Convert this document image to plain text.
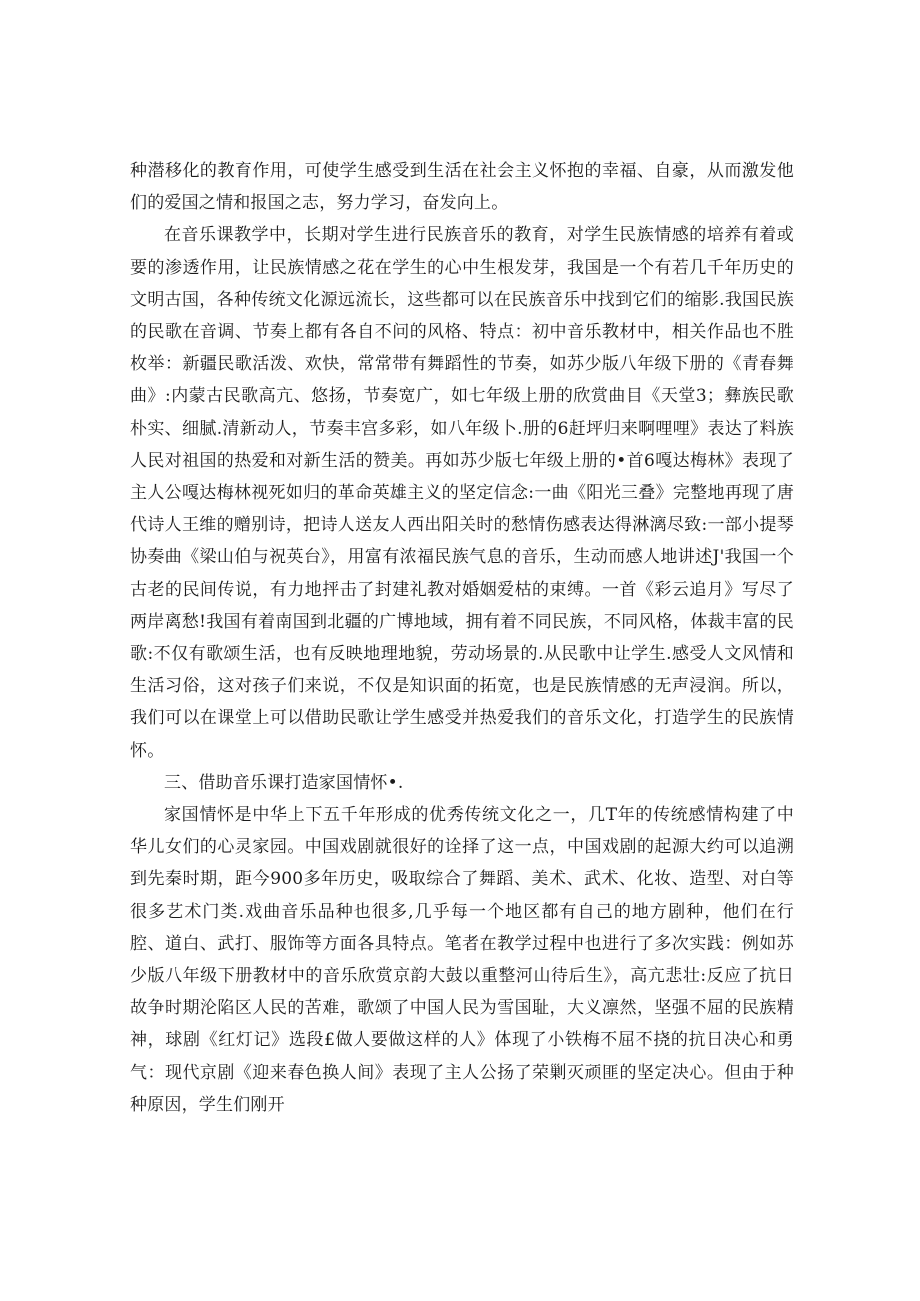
种潜移化的教育作用，可使学生感受到生活在社会主义怀抱的幸福、自豪，从而激发他们的爱国之情和报国之志，努力学习，奋发向上。

在音乐课教学中，长期对学生进行民族音乐的教育，对学生民族情感的培养有着或要的渗透作用，让民族情感之花在学生的心中生根发芽，我国是一个有若几千年历史的文明古国，各种传统文化源远流长，这些都可以在民族音乐中找到它们的缩影.我国民族的民歌在音调、节奏上都有各自不问的风格、特点：初中音乐教材中，相关作品也不胜枚举：新疆民歌活泼、欢快，常常带有舞蹈性的节奏，如苏少版八年级下册的《青春舞曲》:内蒙古民歌高亢、悠扬，节奏宽广，如七年级上册的欣赏曲目《天堂3；彝族民歌朴实、细腻.清新动人，节奏丰宫多彩，如八年级卜.册的6赶坪归来啊哩哩》表达了料族人民对祖国的热爱和对新生活的赞美。再如苏少版七年级上册的•首6嘎达梅林》表现了主人公嘎达梅林视死如归的革命英雄主义的坚定信念:一曲《阳光三叠》完整地再现了唐代诗人王维的赠别诗，把诗人送友人西出阳关时的愁情伤感表达得淋漓尽致:一部小提琴协奏曲《梁山伯与祝英台》，用富有浓福民族气息的音乐，生动而感人地讲述J'我国一个古老的民间传说，有力地抨击了封建礼教对婚姻爱枯的束缚。一首《彩云追月》写尽了两岸离愁!我国有着南国到北疆的广博地域，拥有着不同民族，不同风格，体裁丰富的民歌:不仅有歌颂生活，也有反映地理地貌，劳动场景的.从民歌中让学生.感受人文风情和生活习俗，这对孩子们来说，不仅是知识面的拓宽，也是民族情感的无声浸润。所以，我们可以在课堂上可以借助民歌让学生感受并热爱我们的音乐文化，打造学生的民族情怀。

三、借助音乐课打造家国情怀•.

家国情怀是中华上下五千年形成的优秀传统文化之一，几T年的传统感情构建了中华儿女们的心灵家园。中国戏剧就很好的诠择了这一点，中国戏剧的起源大约可以追溯到先秦时期，距今900多年历史，吸取综合了舞蹈、美术、武术、化妆、造型、对白等很多艺术门类.戏曲音乐品种也很多,几乎每一个地区都有自己的地方剧种，他们在行腔、道白、武打、服饰等方面各具特点。笔者在教学过程中也进行了多次实践：例如苏少版八年级下册教材中的音乐欣赏京韵大鼓以重整河山待后生》，高亢悲壮:反应了抗日故争时期沦陷区人民的苦难，歌颂了中国人民为雪国耻，大义凛然，坚强不屈的民族精神，球剧《红灯记》选段£做人要做这样的人》体现了小铁梅不屈不挠的抗日决心和勇气：现代京剧《迎来春色换人间》表现了主人公扬了荣剿灭顽匪的坚定决心。但由于种种原因，学生们刚开
